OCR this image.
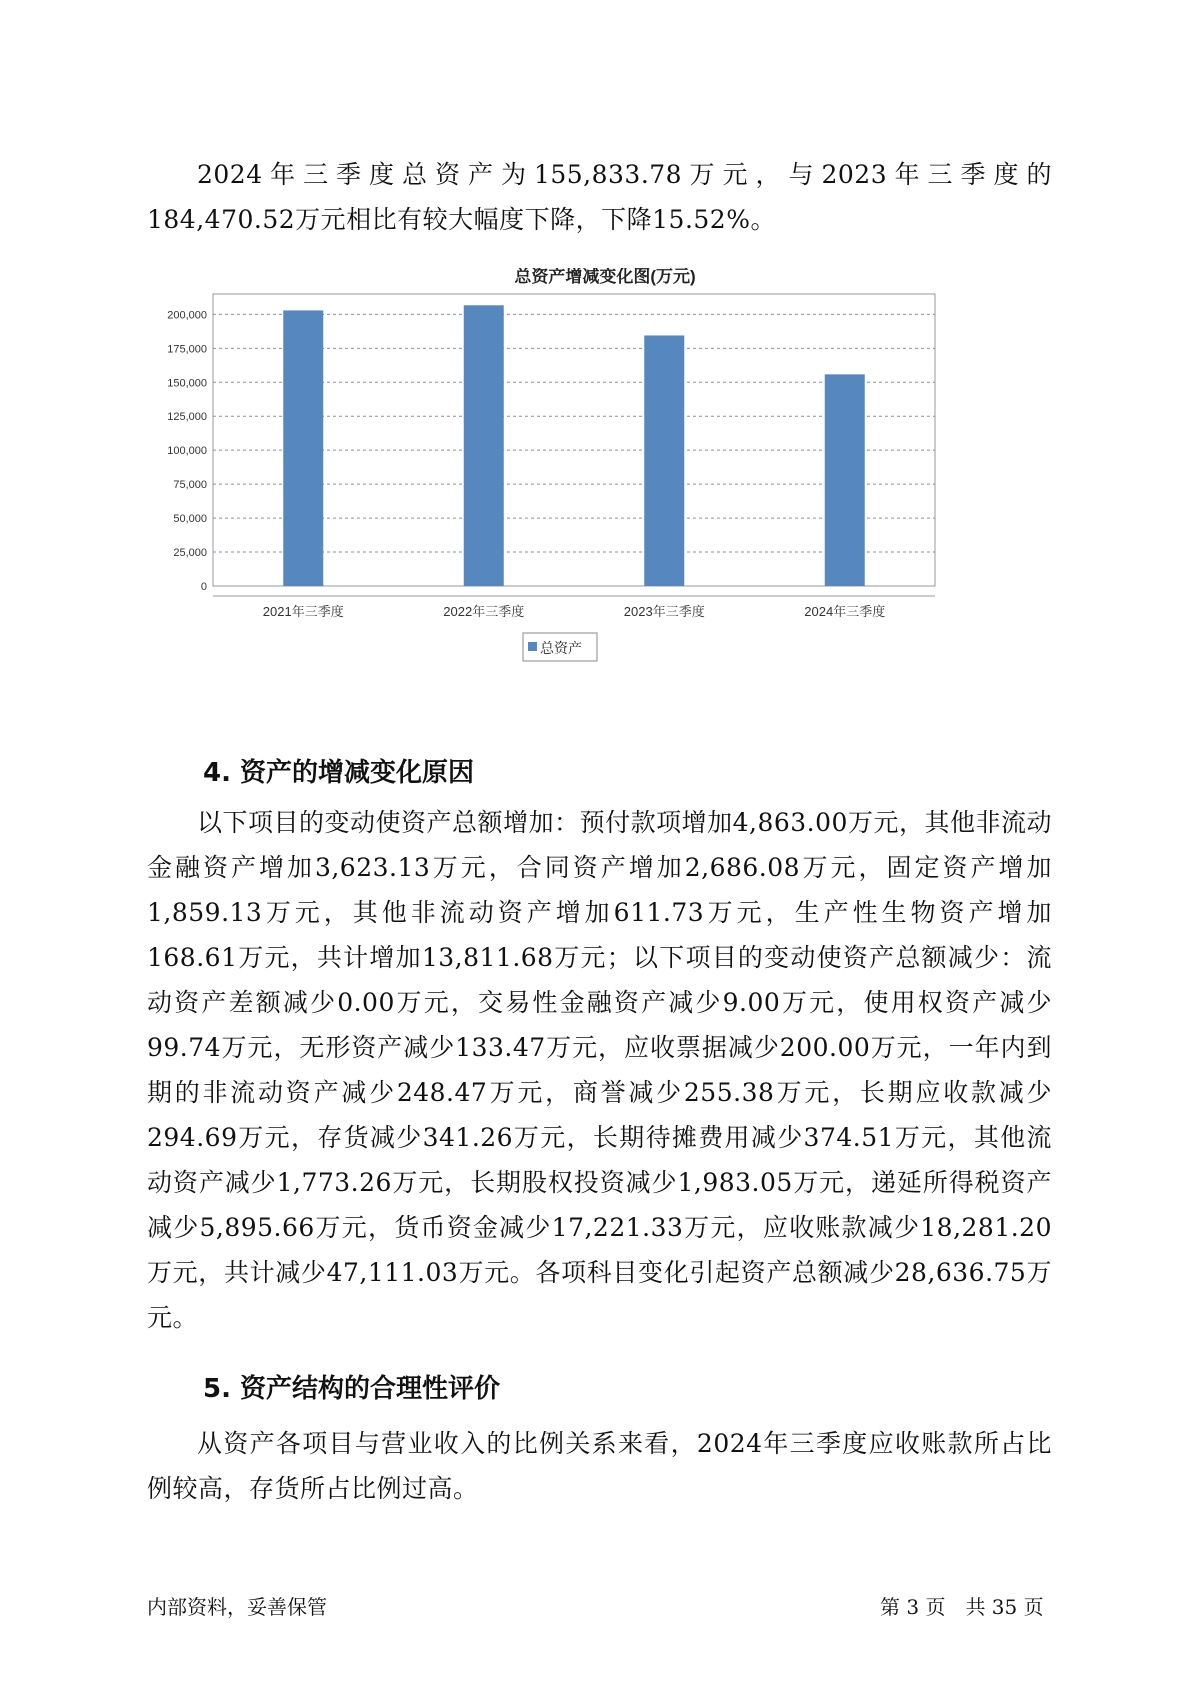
2024年三季度总资产为155,833.78万元，与2023年三季度的184,470.52万元相比有较大幅度下降，下降15.52%。

总资产增减变化图(万元)
0
25,000
50,000
75,000
100,000
125,000
150,000
175,000
200,000
2021年三季度	2022年三季度	2023年三季度	2024年三季度
总资产
4. 资产的增减变化原因

以下项目的变动使资产总额增加：预付款项增加4,863.00万元，其他非流动金融资产增加3,623.13万元，合同资产增加2,686.08万元，固定资产增加1,859.13万元，其他非流动资产增加611.73万元，生产性生物资产增加168.61万元，共计增加13,811.68万元；以下项目的变动使资产总额减少：流动资产差额减少0.00万元，交易性金融资产减少9.00万元，使用权资产减少99.74万元，无形资产减少133.47万元，应收票据减少200.00万元，一年内到期的非流动资产减少248.47万元，商誉减少255.38万元，长期应收款减少294.69万元，存货减少341.26万元，长期待摊费用减少374.51万元，其他流动资产减少1,773.26万元，长期股权投资减少1,983.05万元，递延所得税资产减少5,895.66万元，货币资金减少17,221.33万元，应收账款减少18,281.20万元，共计减少47,111.03万元。各项科目变化引起资产总额减少28,636.75万元。

5. 资产结构的合理性评价

从资产各项目与营业收入的比例关系来看，2024年三季度应收账款所占比例较高，存货所占比例过高。

内部资料，妥善保管	第 3 页　共 35 页
